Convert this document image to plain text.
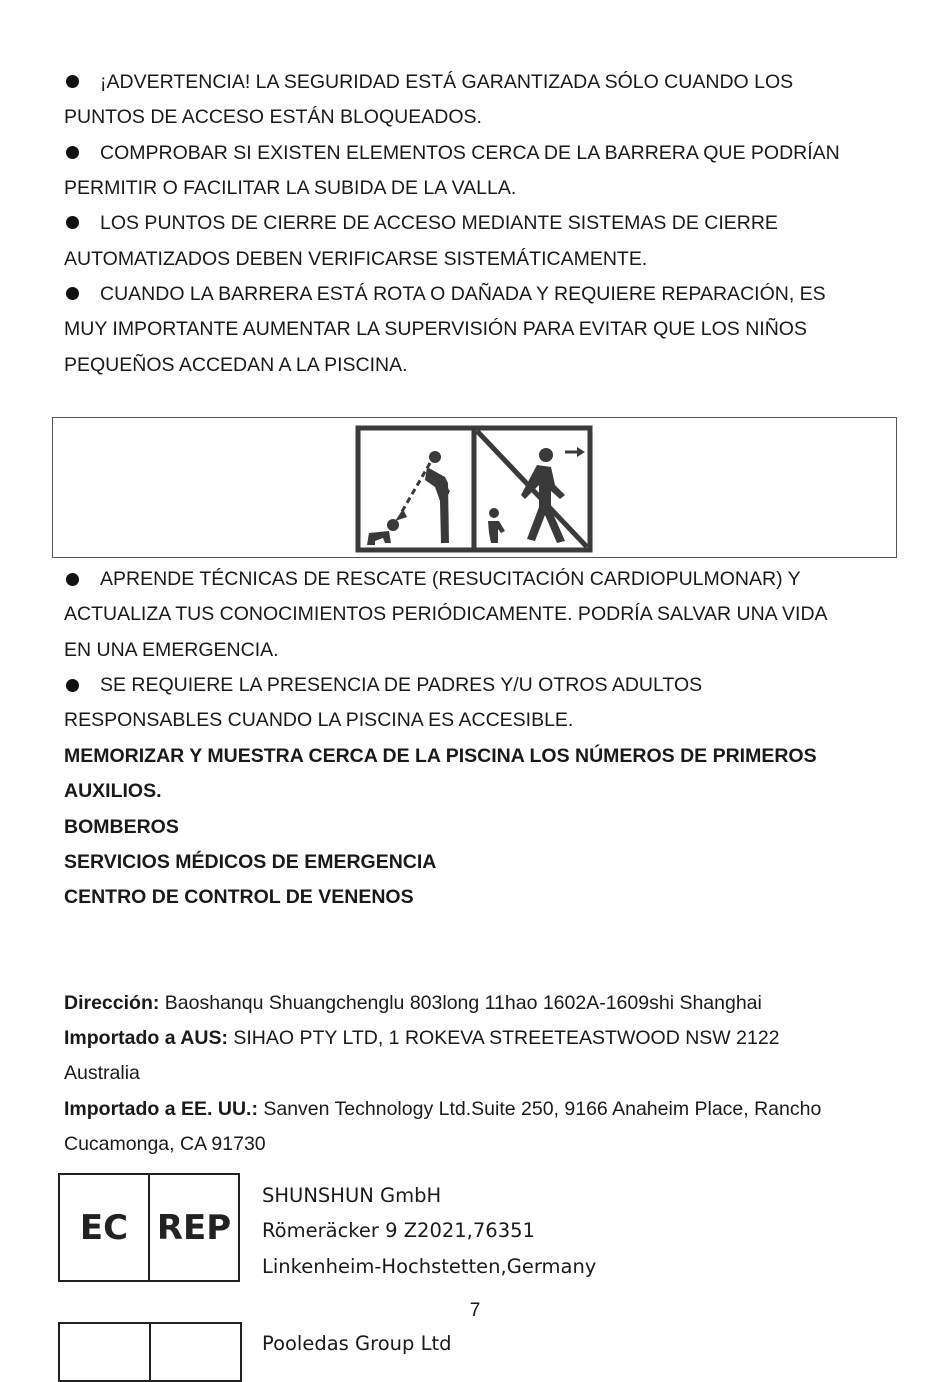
¡ADVERTENCIA! LA SEGURIDAD ESTÁ GARANTIZADA SÓLO CUANDO LOS
PUNTOS DE ACCESO ESTÁN BLOQUEADOS.
COMPROBAR SI EXISTEN ELEMENTOS CERCA DE LA BARRERA QUE PODRÍAN
PERMITIR O FACILITAR LA SUBIDA DE LA VALLA.
LOS PUNTOS DE CIERRE DE ACCESO MEDIANTE SISTEMAS DE CIERRE
AUTOMATIZADOS DEBEN VERIFICARSE SISTEMÁTICAMENTE.
CUANDO LA BARRERA ESTÁ ROTA O DAÑADA Y REQUIERE REPARACIÓN, ES
MUY IMPORTANTE AUMENTAR LA SUPERVISIÓN PARA EVITAR QUE LOS NIÑOS
PEQUEÑOS ACCEDAN A LA PISCINA.
APRENDE TÉCNICAS DE RESCATE (RESUCITACIÓN CARDIOPULMONAR) Y
ACTUALIZA TUS CONOCIMIENTOS PERIÓDICAMENTE. PODRÍA SALVAR UNA VIDA
EN UNA EMERGENCIA.
SE REQUIERE LA PRESENCIA DE PADRES Y/U OTROS ADULTOS
RESPONSABLES CUANDO LA PISCINA ES ACCESIBLE.
MEMORIZAR Y MUESTRA CERCA DE LA PISCINA LOS NÚMEROS DE PRIMEROS
AUXILIOS.
BOMBEROS
SERVICIOS MÉDICOS DE EMERGENCIA
CENTRO DE CONTROL DE VENENOS
Dirección: Baoshanqu Shuangchenglu 803long 11hao 1602A-1609shi Shanghai
Importado a AUS: SIHAO PTY LTD, 1 ROKEVA STREETEASTWOOD NSW 2122
Australia
Importado a EE. UU.: Sanven Technology Ltd.Suite 250, 9166 Anaheim Place, Rancho
Cucamonga, CA 91730
EC REP
SHUNSHUN GmbH
Römeräcker 9 Z2021,76351
Linkenheim-Hochstetten,Germany
7
Pooledas Group Ltd
